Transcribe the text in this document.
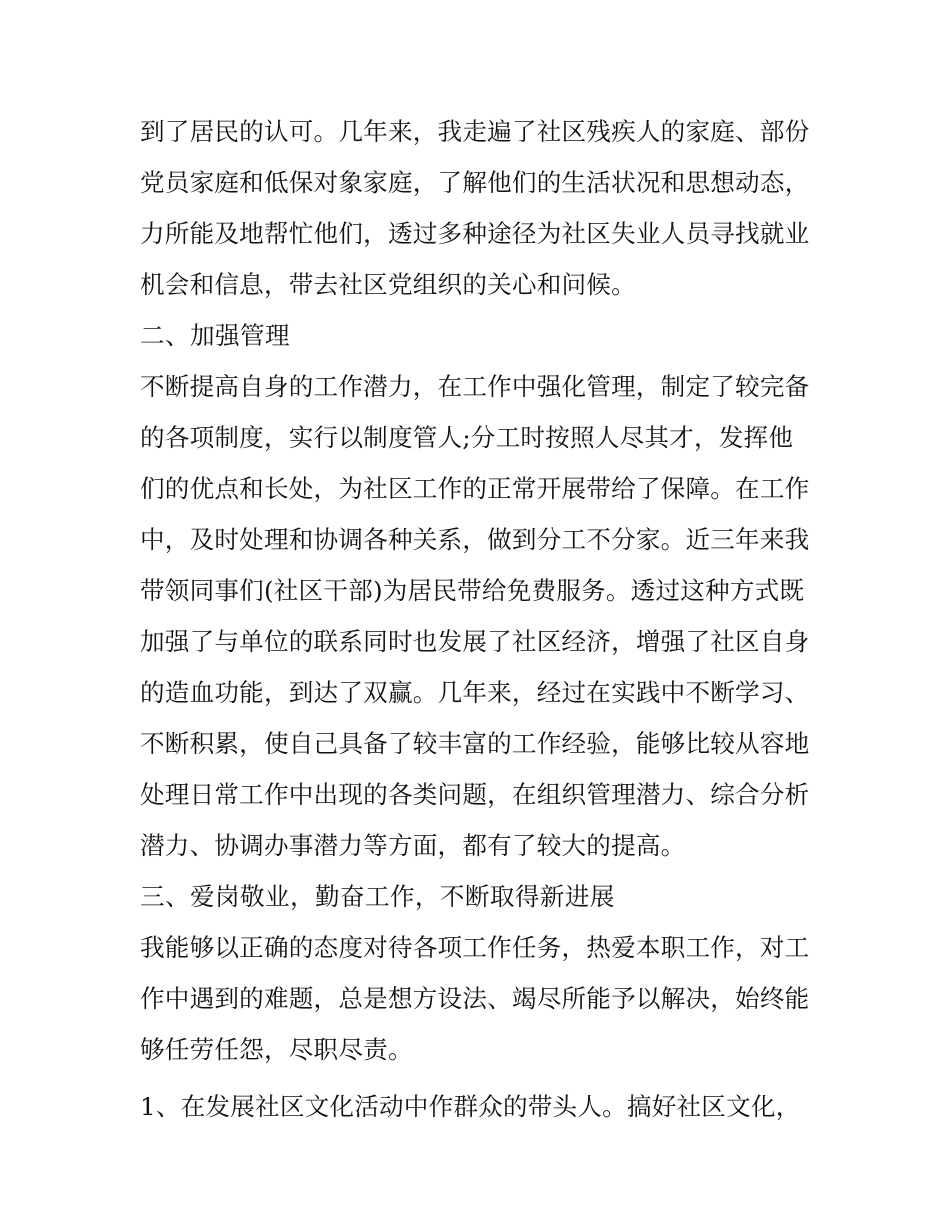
到了居民的认可。几年来，我走遍了社区残疾人的家庭、部份
党员家庭和低保对象家庭，了解他们的生活状况和思想动态，
力所能及地帮忙他们，透过多种途径为社区失业人员寻找就业
机会和信息，带去社区党组织的关心和问候。
二、加强管理
不断提高自身的工作潜力，在工作中强化管理，制定了较完备
的各项制度，实行以制度管人;分工时按照人尽其才，发挥他
们的优点和长处，为社区工作的正常开展带给了保障。在工作
中，及时处理和协调各种关系，做到分工不分家。近三年来我
带领同事们(社区干部)为居民带给免费服务。透过这种方式既
加强了与单位的联系同时也发展了社区经济，增强了社区自身
的造血功能，到达了双赢。几年来，经过在实践中不断学习、
不断积累，使自己具备了较丰富的工作经验，能够比较从容地
处理日常工作中出现的各类问题，在组织管理潜力、综合分析
潜力、协调办事潜力等方面，都有了较大的提高。
三、爱岗敬业，勤奋工作，不断取得新进展
我能够以正确的态度对待各项工作任务，热爱本职工作，对工
作中遇到的难题，总是想方设法、竭尽所能予以解决，始终能
够任劳任怨，尽职尽责。
1、在发展社区文化活动中作群众的带头人。搞好社区文化，
